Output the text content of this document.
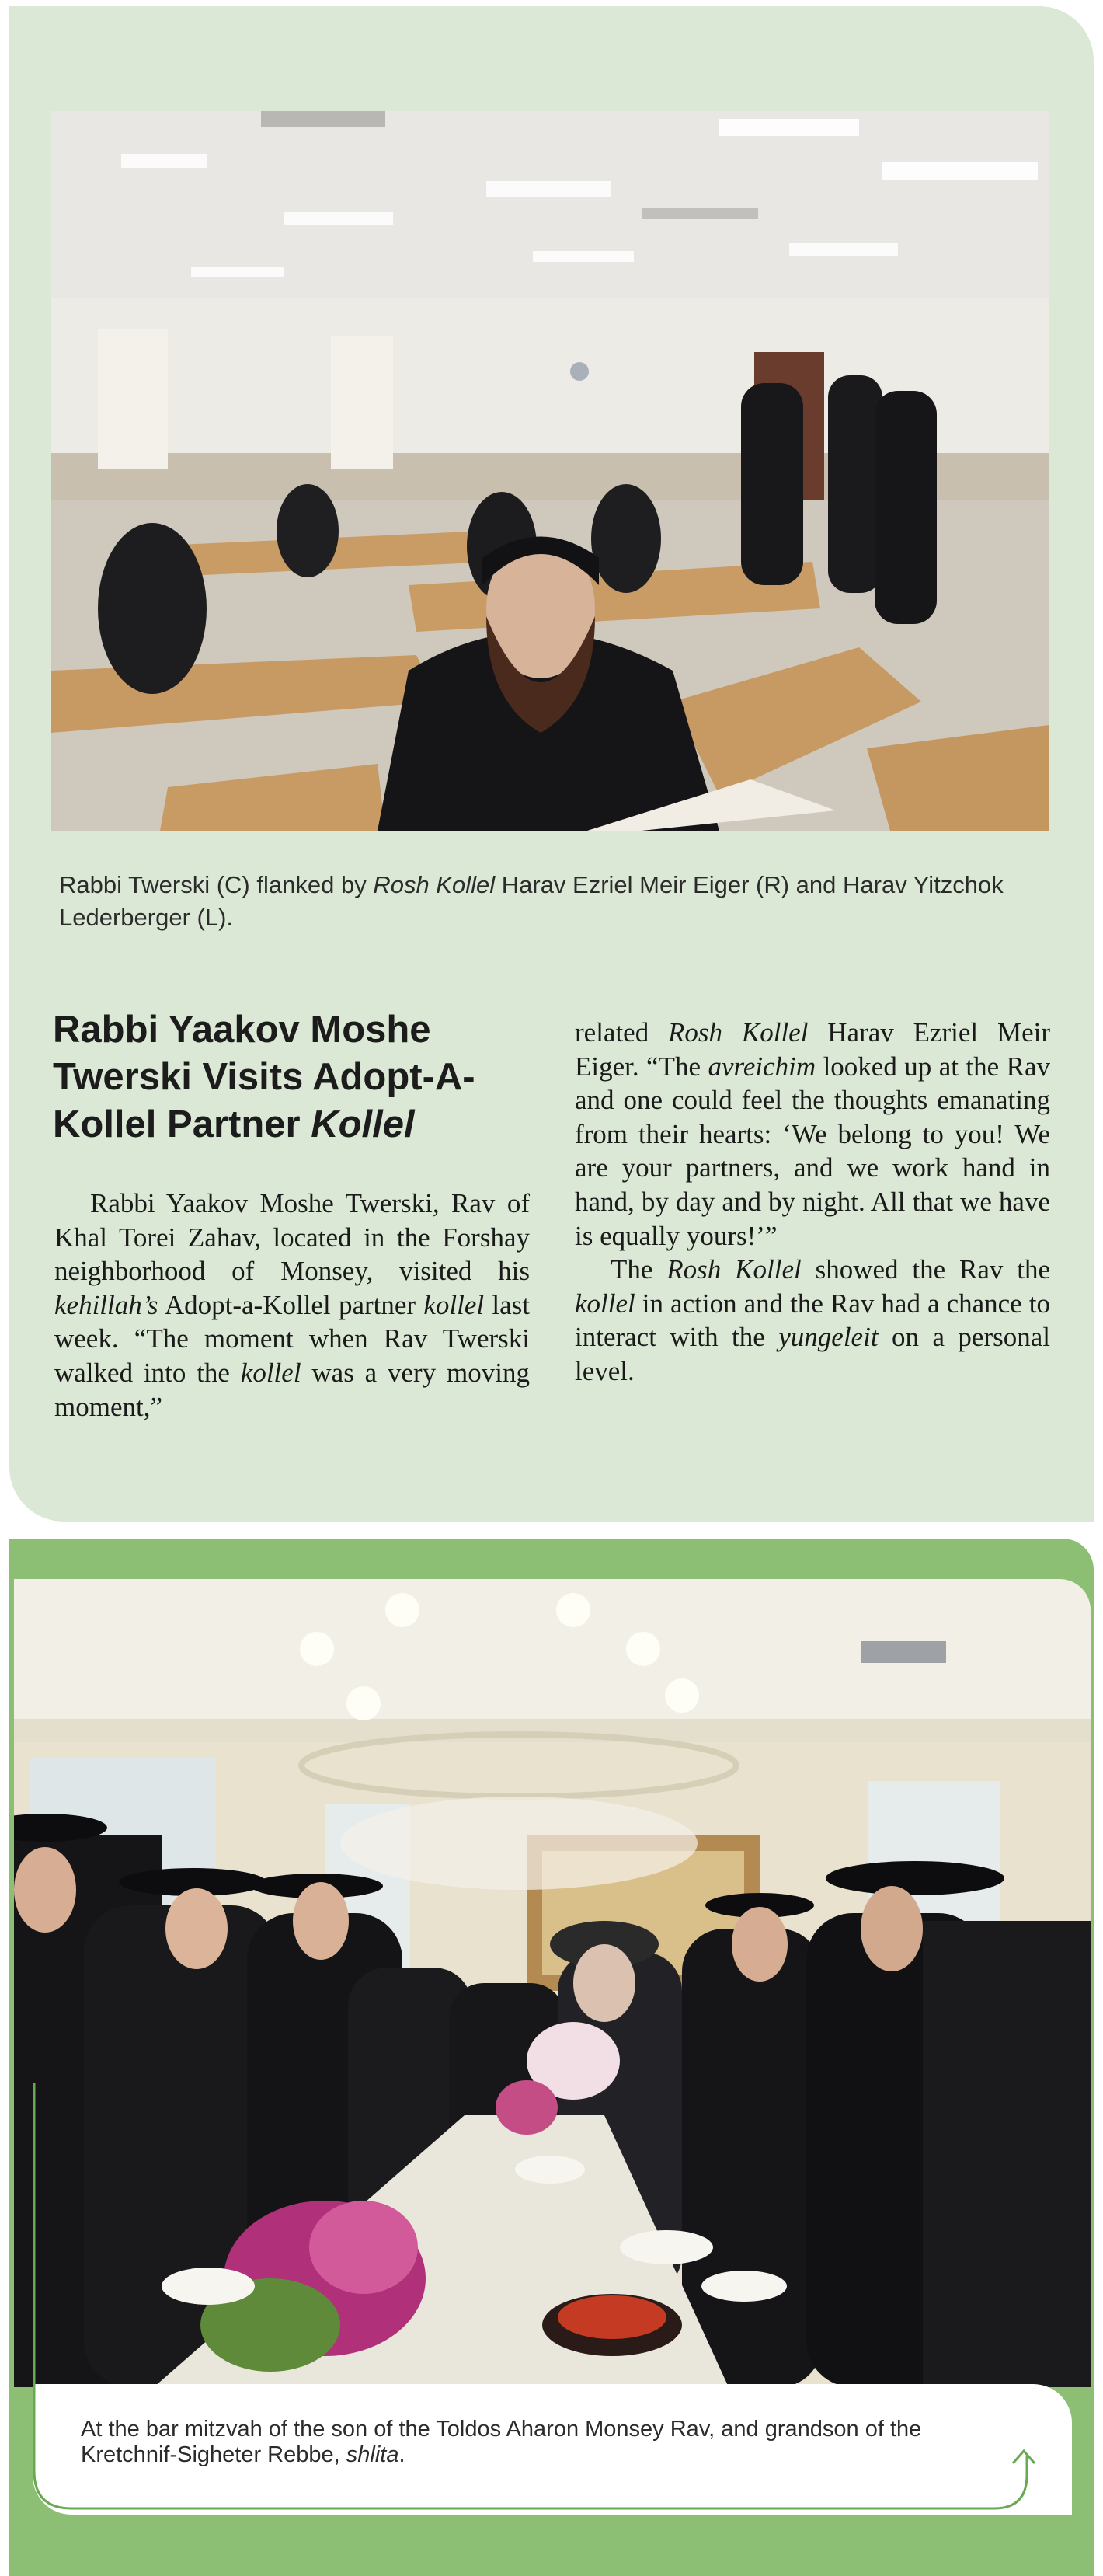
Rabbi Twerski (C) flanked by Rosh Kollel Harav Ezriel Meir Eiger (R) and Harav Yitzchok Lederberger (L).
Rabbi Yaakov Moshe Twerski Visits Adopt-A-Kollel Partner Kollel

Rabbi Yaakov Moshe Twerski, Rav of Khal Torei Zahav, located in the Forshay neighborhood of Monsey, visited his kehillah’s Adopt-a-Kollel partner kollel last week. “The moment when Rav Twerski walked into the kollel was a very moving moment,”

related Rosh Kollel Harav Ezriel Meir Eiger. “The avreichim looked up at the Rav and one could feel the thoughts emanating from their hearts: ‘We belong to you! We are your partners, and we work hand in hand, by day and by night. All that we have is equally yours!’”

The Rosh Kollel showed the Rav the kollel in action and the Rav had a chance to interact with the yungeleit on a personal level.

At the bar mitzvah of the son of the Toldos Aharon Monsey Rav, and grandson of the Kretchnif-Sigheter Rebbe, shlita.
